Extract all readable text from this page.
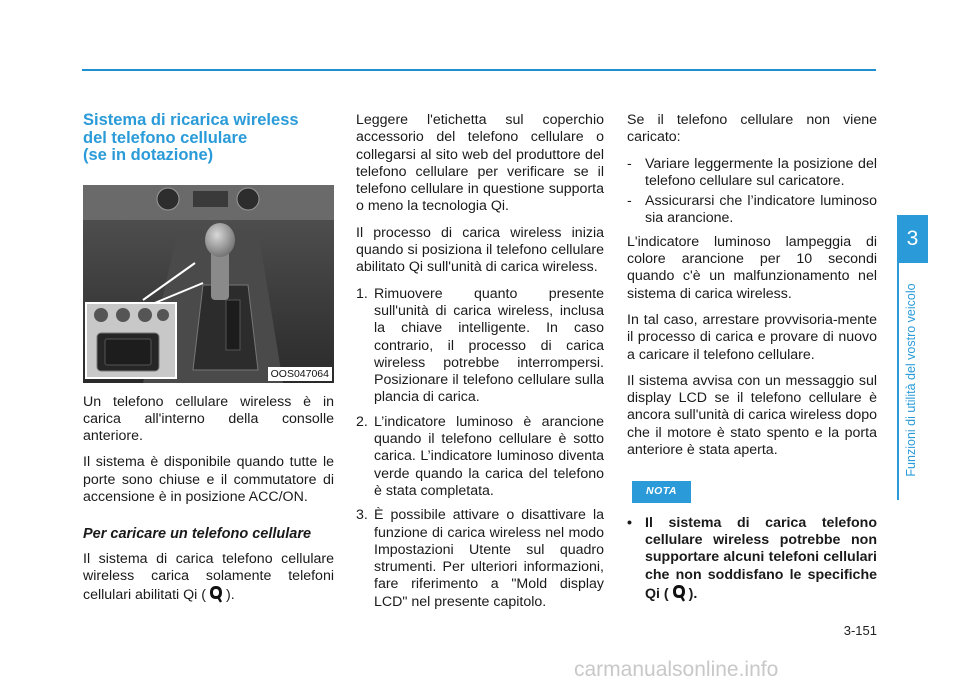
Sistema di ricarica wireless
del telefono cellulare
(se in dotazione)
OOS047064

Un telefono cellulare wireless è in carica all'interno della consolle anteriore.

Il sistema è disponibile quando tutte le porte sono chiuse e il commutatore di accensione è in posizione ACC/ON.

Per caricare un telefono cellulare

Il sistema di carica telefono cellulare wireless carica solamente telefoni cellulari abilitati Qi ( ).

Leggere l'etichetta sul coperchio accessorio del telefono cellulare o collegarsi al sito web del produttore del telefono cellulare per verificare se il telefono cellulare in questione supporta o meno la tecnologia Qi.

Il processo di carica wireless inizia quando si posiziona il telefono cellulare abilitato Qi sull'unità di carica wireless.

1. Rimuovere quanto presente sull'unità di carica wireless, inclusa la chiave intelligente. In caso contrario, il processo di carica wireless potrebbe interrompersi. Posizionare il telefono cellulare sulla plancia di carica.
2. L’indicatore luminoso è arancione quando il telefono cellulare è sotto carica. L’indicatore luminoso diventa verde quando la carica del telefono è stata completata.
3. È possibile attivare o disattivare la funzione di carica wireless nel modo Impostazioni Utente sul quadro strumenti. Per ulteriori informazioni, fare riferimento a "Mold display LCD" nel presente capitolo.

Se il telefono cellulare non viene caricato:

- Variare leggermente la posizione del telefono cellulare sul caricatore.
- Assicurarsi che l’indicatore luminoso sia arancione.

L'indicatore luminoso lampeggia di colore arancione per 10 secondi quando c'è un malfunzionamento nel sistema di carica wireless.

In tal caso, arrestare provvisoria-mente il processo di carica e provare di nuovo a caricare il telefono cellulare.

Il sistema avvisa con un messaggio sul display LCD se il telefono cellulare è ancora sull'unità di carica wireless dopo che il motore è stato spento e la porta anteriore è stata aperta.

NOTA
• Il sistema di carica telefono cellulare wireless potrebbe non supportare alcuni telefoni cellulari che non soddisfano le specifiche Qi ( ).
3
Funzioni di utilità del vostro veicolo
3-151
carmanualsonline.info
